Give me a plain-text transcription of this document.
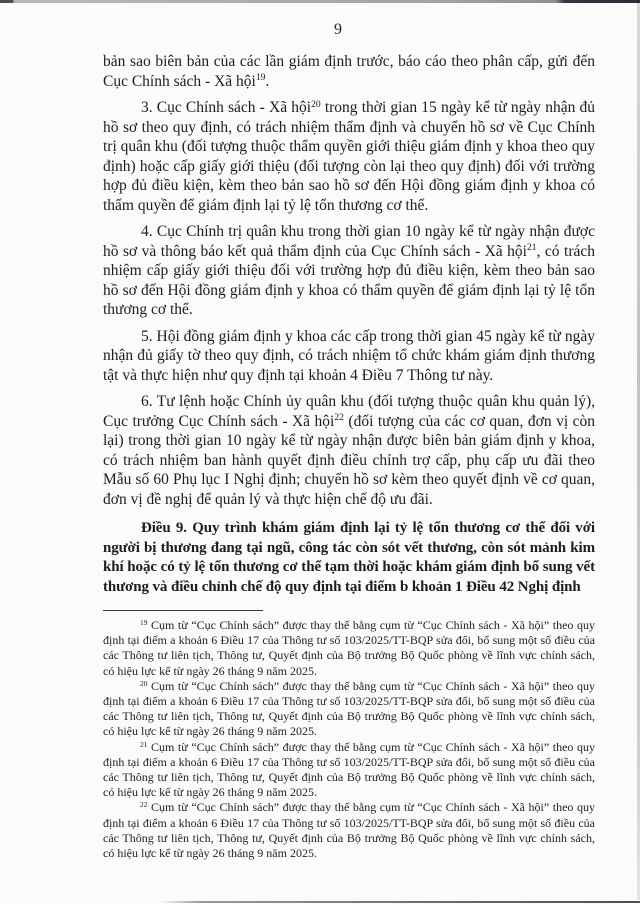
9

bản sao biên bản của các lần giám định trước, báo cáo theo phân cấp, gửi đến Cục Chính sách - Xã hội$^{19}$.

3. Cục Chính sách - Xã hội$^{20}$ trong thời gian 15 ngày kể từ ngày nhận đủ hồ sơ theo quy định, có trách nhiệm thẩm định và chuyển hồ sơ về Cục Chính trị quân khu (đối tượng thuộc thẩm quyền giới thiệu giám định y khoa theo quy định) hoặc cấp giấy giới thiệu (đối tượng còn lại theo quy định) đối với trường hợp đủ điều kiện, kèm theo bản sao hồ sơ đến Hội đồng giám định y khoa có thẩm quyền để giám định lại tỷ lệ tổn thương cơ thể.

4. Cục Chính trị quân khu trong thời gian 10 ngày kể từ ngày nhận được hồ sơ và thông báo kết quả thẩm định của Cục Chính sách - Xã hội$^{21}$, có trách nhiệm cấp giấy giới thiệu đối với trường hợp đủ điều kiện, kèm theo bản sao hồ sơ đến Hội đồng giám định y khoa có thẩm quyền để giám định lại tỷ lệ tổn thương cơ thể.

5. Hội đồng giám định y khoa các cấp trong thời gian 45 ngày kể từ ngày nhận đủ giấy tờ theo quy định, có trách nhiệm tổ chức khám giám định thương tật và thực hiện như quy định tại khoản 4 Điều 7 Thông tư này.

6. Tư lệnh hoặc Chính ủy quân khu (đối tượng thuộc quân khu quản lý), Cục trưởng Cục Chính sách - Xã hội$^{22}$ (đối tượng của các cơ quan, đơn vị còn lại) trong thời gian 10 ngày kể từ ngày nhận được biên bản giám định y khoa, có trách nhiệm ban hành quyết định điều chỉnh trợ cấp, phụ cấp ưu đãi theo Mẫu số 60 Phụ lục I Nghị định; chuyển hồ sơ kèm theo quyết định về cơ quan, đơn vị đề nghị để quản lý và thực hiện chế độ ưu đãi.

Điều 9. Quy trình khám giám định lại tỷ lệ tổn thương cơ thể đối với người bị thương đang tại ngũ, công tác còn sót vết thương, còn sót mảnh kim khí hoặc có tỷ lệ tổn thương cơ thể tạm thời hoặc khám giám định bổ sung vết thương và điều chỉnh chế độ quy định tại điểm b khoản 1 Điều 42 Nghị định

$^{19}$ Cụm từ “Cục Chính sách” được thay thế bằng cụm từ “Cục Chính sách - Xã hội” theo quy định tại điểm a khoản 6 Điều 17 của Thông tư số 103/2025/TT-BQP sửa đổi, bổ sung một số điều của các Thông tư liên tịch, Thông tư, Quyết định của Bộ trưởng Bộ Quốc phòng về lĩnh vực chính sách, có hiệu lực kể từ ngày 26 tháng 9 năm 2025.

$^{20}$ Cụm từ “Cục Chính sách” được thay thế bằng cụm từ “Cục Chính sách - Xã hội” theo quy định tại điểm a khoản 6 Điều 17 của Thông tư số 103/2025/TT-BQP sửa đổi, bổ sung một số điều của các Thông tư liên tịch, Thông tư, Quyết định của Bộ trưởng Bộ Quốc phòng về lĩnh vực chính sách, có hiệu lực kể từ ngày 26 tháng 9 năm 2025.

$^{21}$ Cụm từ “Cục Chính sách” được thay thế bằng cụm từ “Cục Chính sách - Xã hội” theo quy định tại điểm a khoản 6 Điều 17 của Thông tư số 103/2025/TT-BQP sửa đổi, bổ sung một số điều của các Thông tư liên tịch, Thông tư, Quyết định của Bộ trưởng Bộ Quốc phòng về lĩnh vực chính sách, có hiệu lực kể từ ngày 26 tháng 9 năm 2025.

$^{22}$ Cụm từ “Cục Chính sách” được thay thế bằng cụm từ “Cục Chính sách - Xã hội” theo quy định tại điểm a khoản 6 Điều 17 của Thông tư số 103/2025/TT-BQP sửa đổi, bổ sung một số điều của các Thông tư liên tịch, Thông tư, Quyết định của Bộ trưởng Bộ Quốc phòng về lĩnh vực chính sách, có hiệu lực kể từ ngày 26 tháng 9 năm 2025.
